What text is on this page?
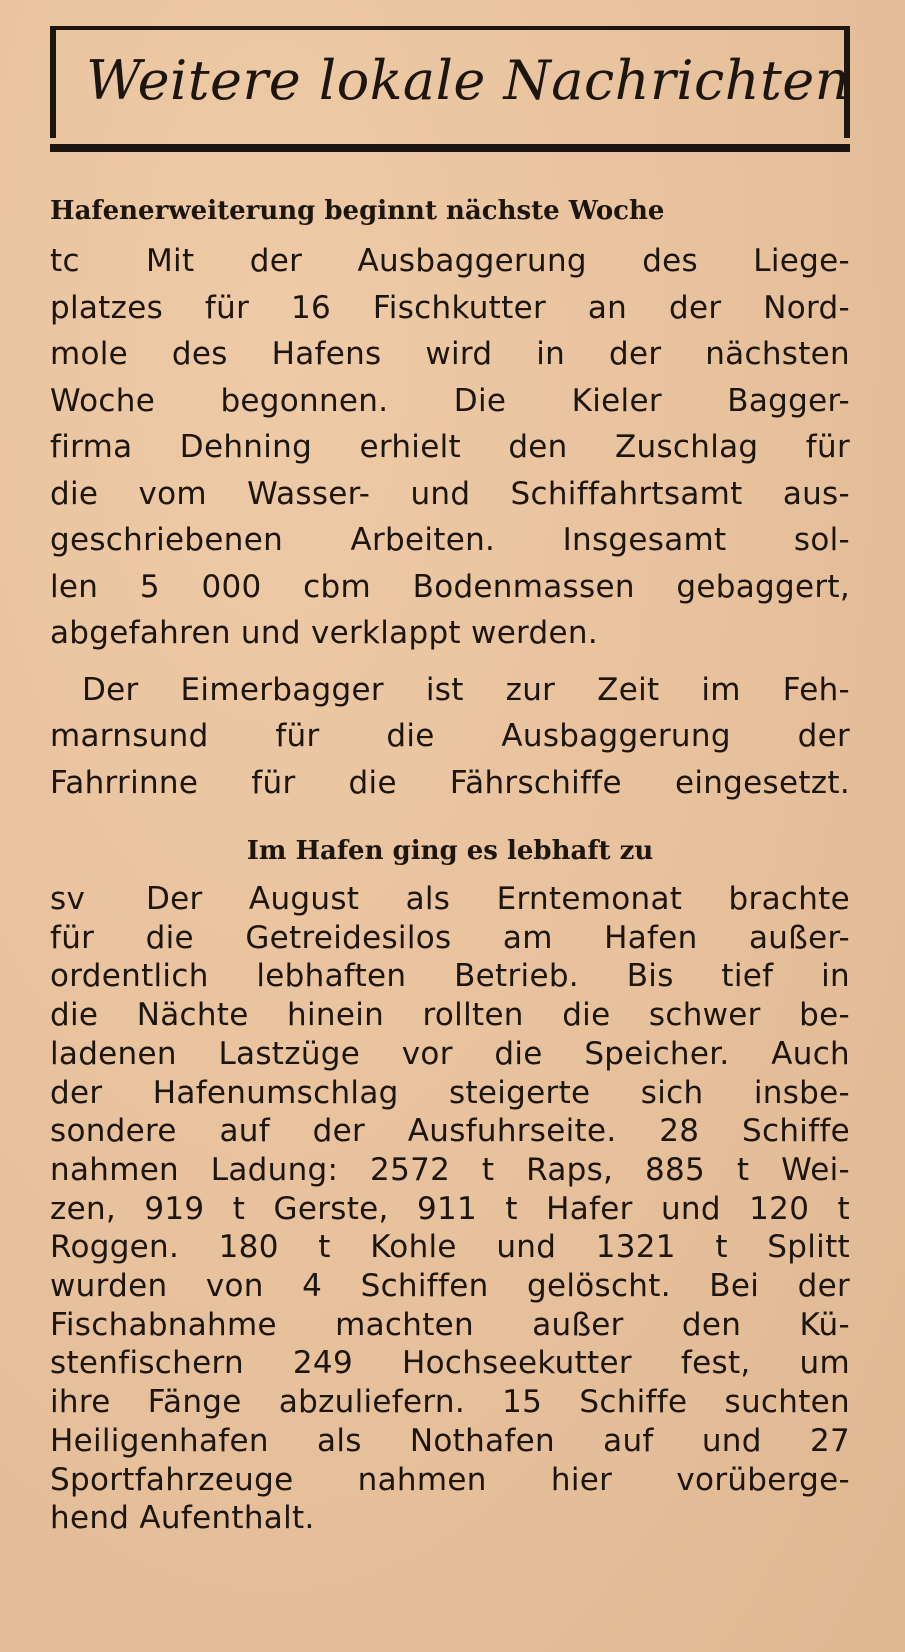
Weitere lokale Nachrichten
Hafenerweiterung beginnt nächste Woche
tc Mit der Ausbaggerung des Liege-
platzes für 16 Fischkutter an der Nord-
mole des Hafens wird in der nächsten
Woche begonnen. Die Kieler Bagger-
firma Dehning erhielt den Zuschlag für
die vom Wasser- und Schiffahrtsamt aus-
geschriebenen Arbeiten. Insgesamt sol-
len 5 000 cbm Bodenmassen gebaggert,
abgefahren und verklappt werden.
Der Eimerbagger ist zur Zeit im Feh-
marnsund für die Ausbaggerung der
Fahrrinne für die Fährschiffe eingesetzt.
Im Hafen ging es lebhaft zu
sv Der August als Erntemonat brachte
für die Getreidesilos am Hafen außer-
ordentlich lebhaften Betrieb. Bis tief in
die Nächte hinein rollten die schwer be-
ladenen Lastzüge vor die Speicher. Auch
der Hafenumschlag steigerte sich insbe-
sondere auf der Ausfuhrseite. 28 Schiffe
nahmen Ladung: 2572 t Raps, 885 t Wei-
zen, 919 t Gerste, 911 t Hafer und 120 t
Roggen. 180 t Kohle und 1321 t Splitt
wurden von 4 Schiffen gelöscht. Bei der
Fischabnahme machten außer den Kü-
stenfischern 249 Hochseekutter fest, um
ihre Fänge abzuliefern. 15 Schiffe suchten
Heiligenhafen als Nothafen auf und 27
Sportfahrzeuge nahmen hier vorüberge-
hend Aufenthalt.
